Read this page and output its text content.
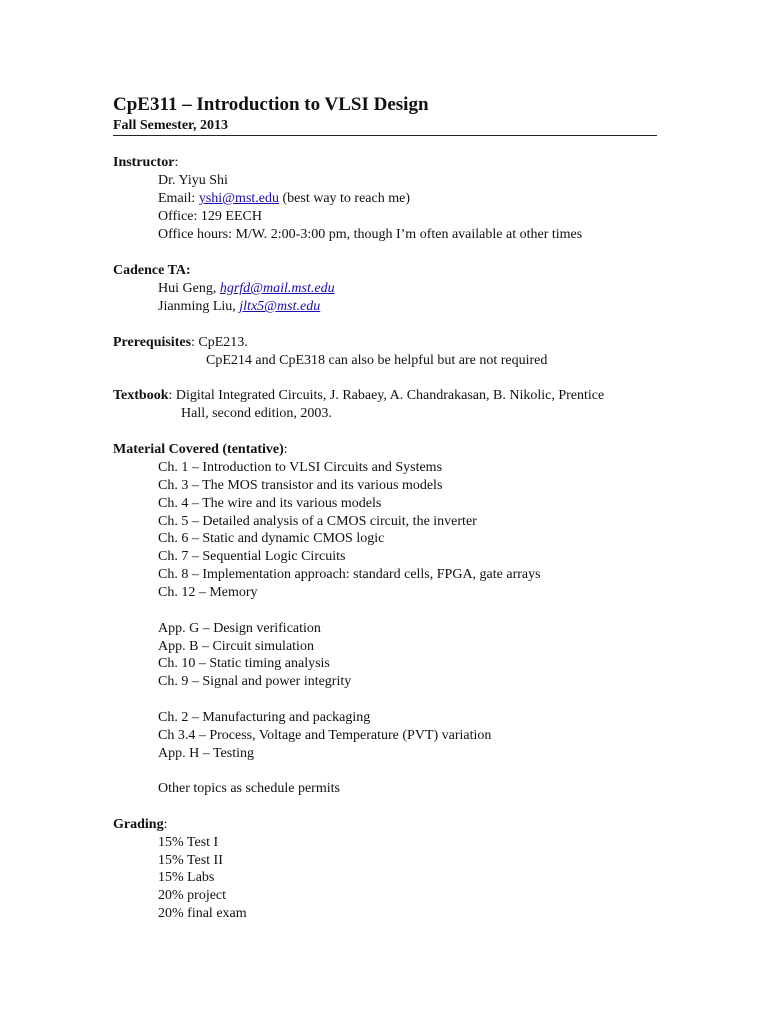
CpE311 – Introduction to VLSI Design
Fall Semester, 2013
Instructor:
Dr. Yiyu Shi
Email: yshi@mst.edu (best way to reach me)
Office: 129 EECH
Office hours: M/W. 2:00-3:00 pm, though I’m often available at other times
Cadence TA:
Hui Geng, hgrfd@mail.mst.edu
Jianming Liu, jltx5@mst.edu
Prerequisites: CpE213.
CpE214 and CpE318 can also be helpful but are not required
Textbook: Digital Integrated Circuits, J. Rabaey, A. Chandrakasan, B. Nikolic, Prentice
Hall, second edition, 2003.
Material Covered (tentative):
Ch. 1 – Introduction to VLSI Circuits and Systems
Ch. 3 – The MOS transistor and its various models
Ch. 4 – The wire and its various models
Ch. 5 – Detailed analysis of a CMOS circuit, the inverter
Ch. 6 – Static and dynamic CMOS logic
Ch. 7 – Sequential Logic Circuits
Ch. 8 – Implementation approach: standard cells, FPGA, gate arrays
Ch. 12 – Memory
App. G – Design verification
App. B – Circuit simulation
Ch. 10 – Static timing analysis
Ch. 9 – Signal and power integrity
Ch. 2 – Manufacturing and packaging
Ch 3.4 – Process, Voltage and Temperature (PVT) variation
App. H – Testing
Other topics as schedule permits
Grading:
15% Test I
15% Test II
15% Labs
20% project
20% final exam
